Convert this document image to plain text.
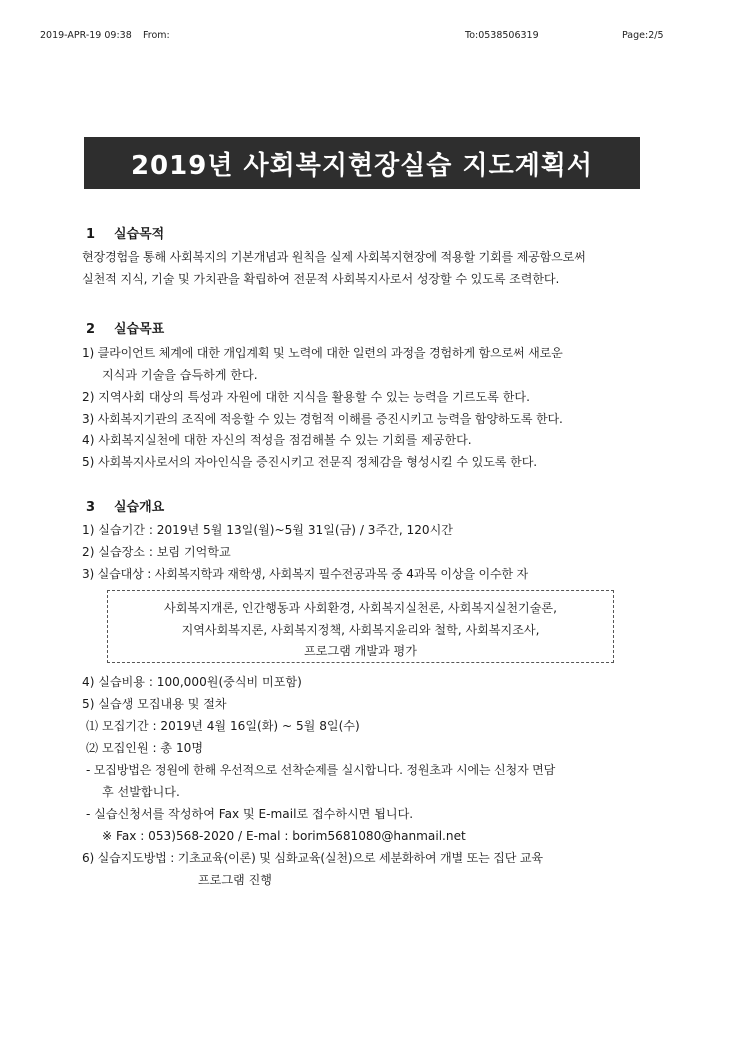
2019-APR-19 09:38 From:	To:0538506319	Page:2/5
2019년 사회복지현장실습 지도계획서
1 실습목적
현장경험을 통해 사회복지의 기본개념과 원칙을 실제 사회복지현장에 적용할 기회를 제공함으로써
실천적 지식, 기술 및 가치관을 확립하여 전문적 사회복지사로서 성장할 수 있도록 조력한다.
2 실습목표
1) 클라이언트 체계에 대한 개입계획 및 노력에 대한 일련의 과정을 경험하게 함으로써 새로운
지식과 기술을 습득하게 한다.
2) 지역사회 대상의 특성과 자원에 대한 지식을 활용할 수 있는 능력을 기르도록 한다.
3) 사회복지기관의 조직에 적응할 수 있는 경험적 이해를 증진시키고 능력을 함양하도록 한다.
4) 사회복지실천에 대한 자신의 적성을 점검해볼 수 있는 기회를 제공한다.
5) 사회복지사로서의 자아인식을 증진시키고 전문직 정체감을 형성시킬 수 있도록 한다.
3 실습개요
1) 실습기간 : 2019년 5월 13일(월)~5월 31일(금) / 3주간, 120시간
2) 실습장소 : 보림 기억학교
3) 실습대상 : 사회복지학과 재학생, 사회복지 필수전공과목 중 4과목 이상을 이수한 자
사회복지개론, 인간행동과 사회환경, 사회복지실천론, 사회복지실천기술론,
지역사회복지론, 사회복지정책, 사회복지윤리와 철학, 사회복지조사,
프로그램 개발과 평가
4) 실습비용 : 100,000원(중식비 미포함)
5) 실습생 모집내용 및 절차
⑴ 모집기간 : 2019년 4월 16일(화) ~ 5월 8일(수)
⑵ 모집인원 : 총 10명
- 모집방법은 정원에 한해 우선적으로 선착순제를 실시합니다. 정원초과 시에는 신청자 면담
후 선발합니다.
- 실습신청서를 작성하여 Fax 및 E-mail로 접수하시면 됩니다.
※ Fax : 053)568-2020 / E-mal : borim5681080@hanmail.net
6) 실습지도방법 : 기초교육(이론) 및 심화교육(실천)으로 세분화하여 개별 또는 집단 교육
프로그램 진행
